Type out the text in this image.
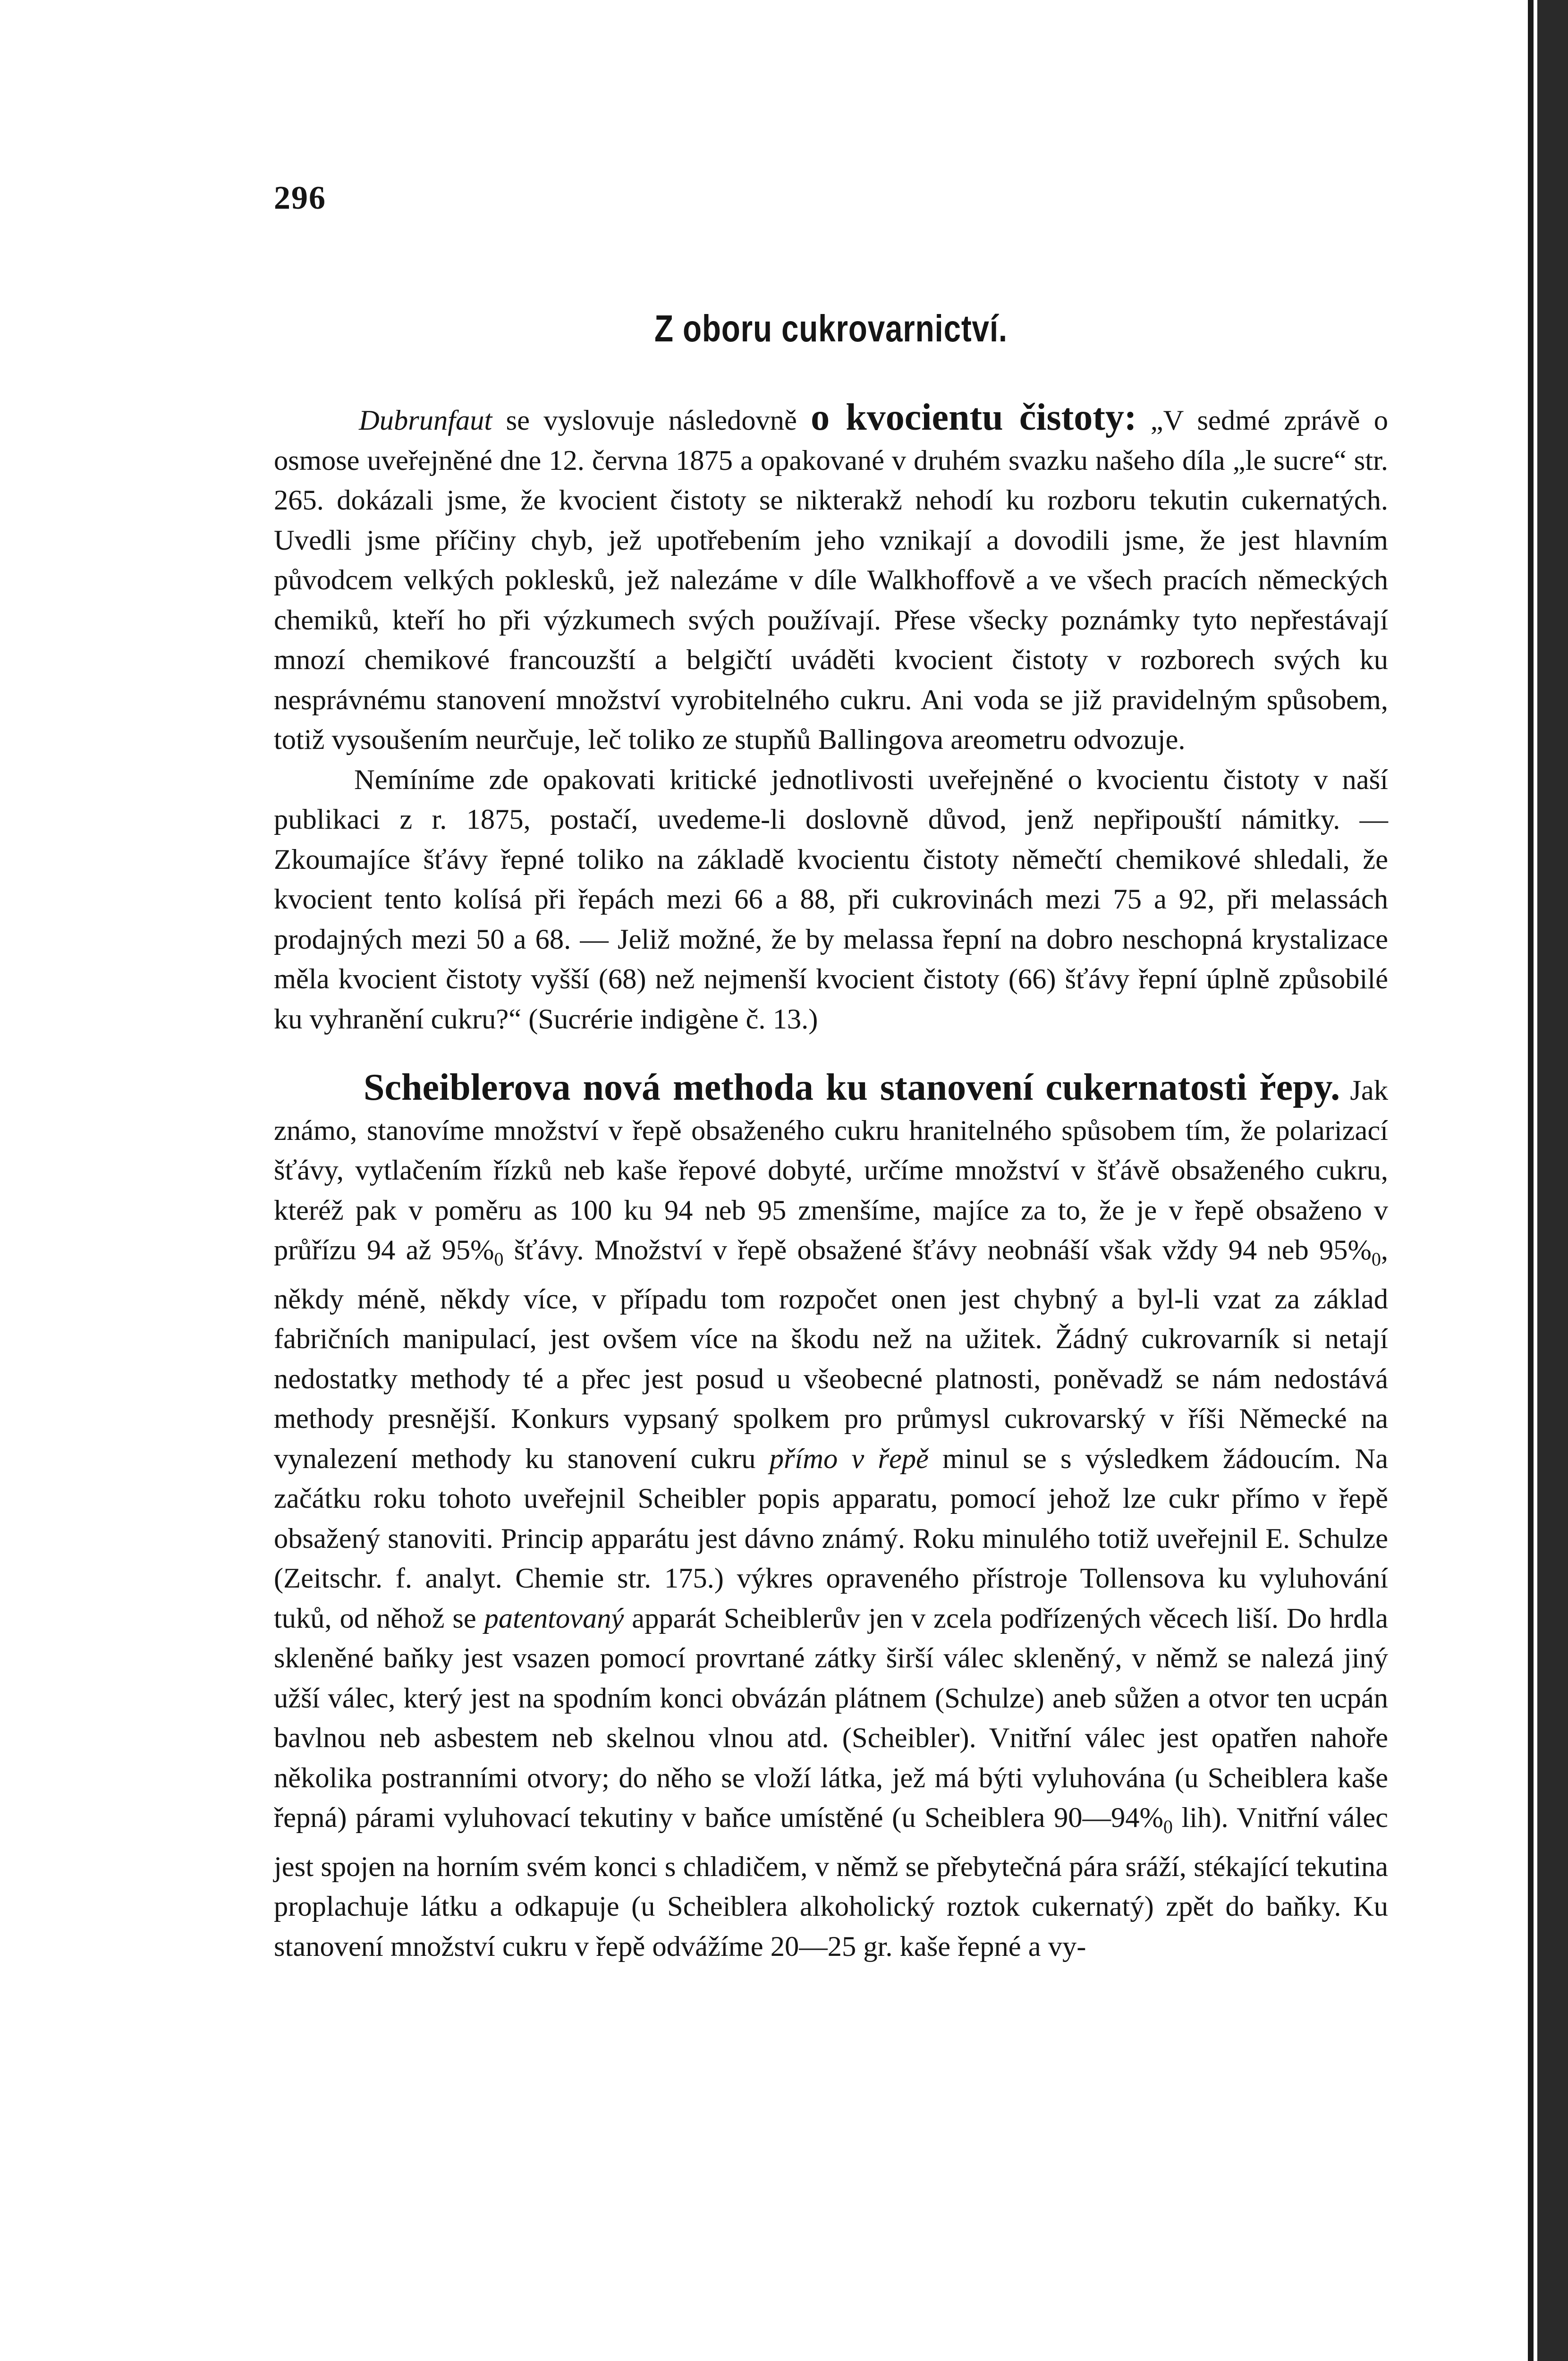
296
Z oboru cukrovarnictví.

Dubrunfaut se vyslovuje následovně o kvocientu čistoty: „V sedmé zprávě o osmose uveřejněné dne 12. června 1875 a opakované v druhém svazku našeho díla „le sucre“ str. 265. dokázali jsme, že kvocient čistoty se nikterakž nehodí ku rozboru tekutin cukernatých. Uvedli jsme příčiny chyb, jež upotřebením jeho vznikají a dovodili jsme, že jest hlavním původcem velkých poklesků, jež nalezáme v díle Walkhoffově a ve všech pracích německých chemiků, kteří ho při výzkumech svých používají. Přese všecky poznámky tyto nepřestávají mnozí chemikové francouzští a belgičtí uváděti kvocient čistoty v rozborech svých ku nesprávnému stanovení množství vyrobitelného cukru. Ani voda se již pravidelným spůsobem, totiž vysoušením neurčuje, leč toliko ze stupňů Ballingova areometru odvozuje.

Nemíníme zde opakovati kritické jednotlivosti uveřejněné o kvocientu čistoty v naší publikaci z r. 1875, postačí, uvedeme-li doslovně důvod, jenž nepřipouští námitky. — Zkoumajíce šťávy řepné toliko na základě kvocientu čistoty němečtí chemikové shledali, že kvocient tento kolísá při řepách mezi 66 a 88, při cukrovinách mezi 75 a 92, při melassách prodajných mezi 50 a 68. — Jeliž možné, že by melassa řepní na dobro neschopná krystalizace měla kvocient čistoty vyšší (68) než nejmenší kvocient čistoty (66) šťávy řepní úplně způsobilé ku vyhranění cukru?“ (Sucrérie indigène č. 13.)

Scheiblerova nová methoda ku stanovení cukernatosti řepy. Jak známo, stanovíme množství v řepě obsaženého cukru hranitelného spůsobem tím, že polarizací šťávy, vytlačením řízků neb kaše řepové dobyté, určíme množství v šťávě obsaženého cukru, kteréž pak v poměru as 100 ku 94 neb 95 zmenšíme, majíce za to, že je v řepě obsaženo v průřízu 94 až $95\%_0$ šťávy. Množství v řepě obsažené šťávy neobnáší však vždy 94 neb $95\%_0$, někdy méně, někdy více, v případu tom rozpočet onen jest chybný a byl-li vzat za základ fabričních manipulací, jest ovšem více na škodu než na užitek. Žádný cukrovarník si netají nedostatky methody té a přec jest posud u všeobecné platnosti, poněvadž se nám nedostává methody presnější. Konkurs vypsaný spolkem pro průmysl cukrovarský v říši Německé na vynalezení methody ku stanovení cukru přímo v řepě minul se s výsledkem žádoucím. Na začátku roku tohoto uveřejnil Scheibler popis apparatu, pomocí jehož lze cukr přímo v řepě obsažený stanoviti. Princip apparátu jest dávno známý. Roku minulého totiž uveřejnil E. Schulze (Zeitschr. f. analyt. Chemie str. 175.) výkres opraveného přístroje Tollensova ku vyluhování tuků, od něhož se patentovaný apparát Scheiblerův jen v zcela podřízených věcech liší. Do hrdla skleněné baňky jest vsazen pomocí provrtané zátky širší válec skleněný, v němž se nalezá jiný užší válec, který jest na spodním konci obvázán plátnem (Schulze) aneb sůžen a otvor ten ucpán bavlnou neb asbestem neb skelnou vlnou atd. (Scheibler). Vnitřní válec jest opatřen nahoře několika postranními otvory; do něho se vloží látka, jež má býti vyluhována (u Scheiblera kaše řepná) párami vyluhovací tekutiny v baňce umístěné (u Scheiblera $90—94\%_0$ lih). Vnitřní válec jest spojen na horním svém konci s chladičem, v němž se přebytečná pára sráží, stékající tekutina proplachuje látku a odkapuje (u Scheiblera alkoholický roztok cukernatý) zpět do baňky. Ku stanovení množství cukru v řepě odvážíme 20—25 gr. kaše řepné a vy-
